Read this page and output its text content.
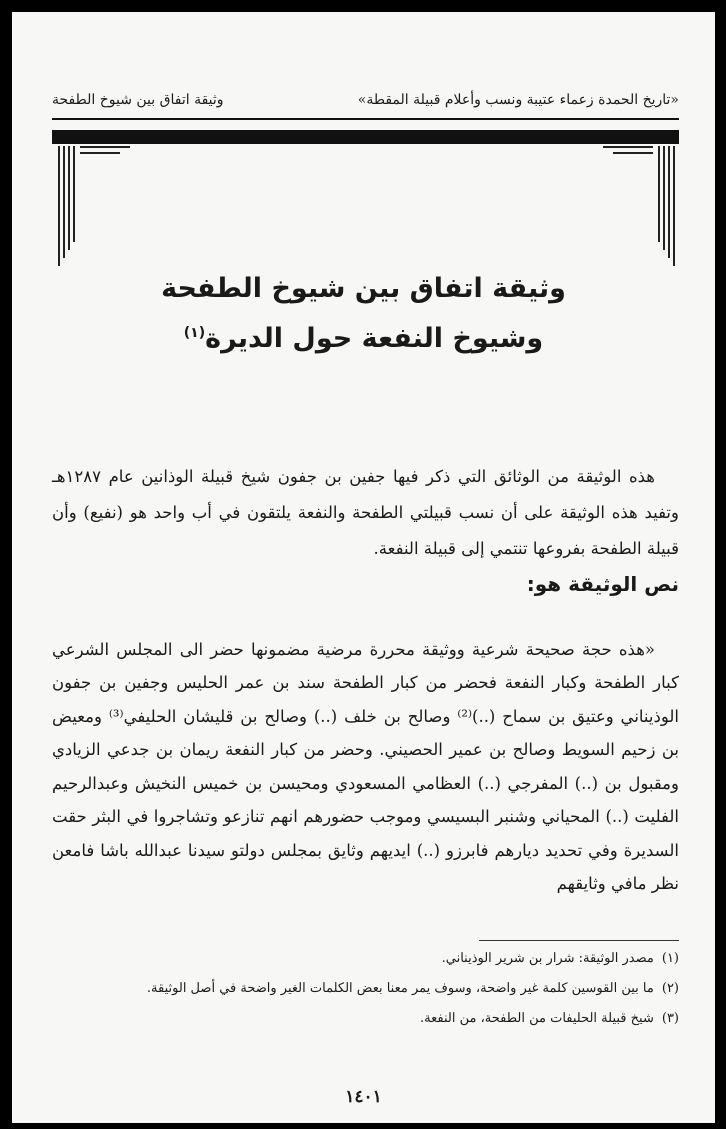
«تاريخ الحمدة زعماء عتيبة ونسب وأعلام قبيلة المقطة»
وثيقة اتفاق بين شيوخ الطفحة
وثيقة اتفاق بين شيوخ الطفحة
وشيوخ النفعة حول الديرة$^{(١)}$

هذه الوثيقة من الوثائق التي ذكر فيها جفين بن جفون شيخ قبيلة الوذانين عام ١٢٨٧هـ وتفيد هذه الوثيقة على أن نسب قبيلتي الطفحة والنفعة يلتقون في أب واحد هو (نفيع) وأن قبيلة الطفحة بفروعها تنتمي إلى قبيلة النفعة.

نص الوثيقة هو:

«هذه حجة صحيحة شرعية ووثيقة محررة مرضية مضمونها حضر الى المجلس الشرعي كبار الطفحة وكبار النفعة فحضر من كبار الطفحة سند بن عمر الحليس وجفين بن جفون الوذيناني وعتيق بن سماح (..)⁽²⁾ وصالح بن خلف (..) وصالح بن قليشان الحليفي⁽³⁾ ومعيض بن زحيم السويط وصالح بن عمير الحصيني. وحضر من كبار النفعة ريمان بن جدعي الزيادي ومقبول بن (..) المفرجي (..) العظامي المسعودي ومحيسن بن خميس النخيش وعبدالرحيم الفليت (..) المحياني وشنبر البسيسي وموجب حضورهم انهم تنازعو وتشاجروا في البثر حقت السديرة وفي تحديد ديارهم فابرزو (..) ايديهم وثايق بمجلس دولتو سيدنا عبدالله باشا فامعن نظر مافي وثايقهم

(١)
مصدر الوثيقة: شرار بن شرير الوذيناني.
(٢)
ما بين القوسين كلمة غير واضحة، وسوف يمر معنا بعض الكلمات الغير واضحة في أصل الوثيقة.
(٣)
شيخ قبيلة الحليفات من الطفحة، من النفعة.
١٤٠١
